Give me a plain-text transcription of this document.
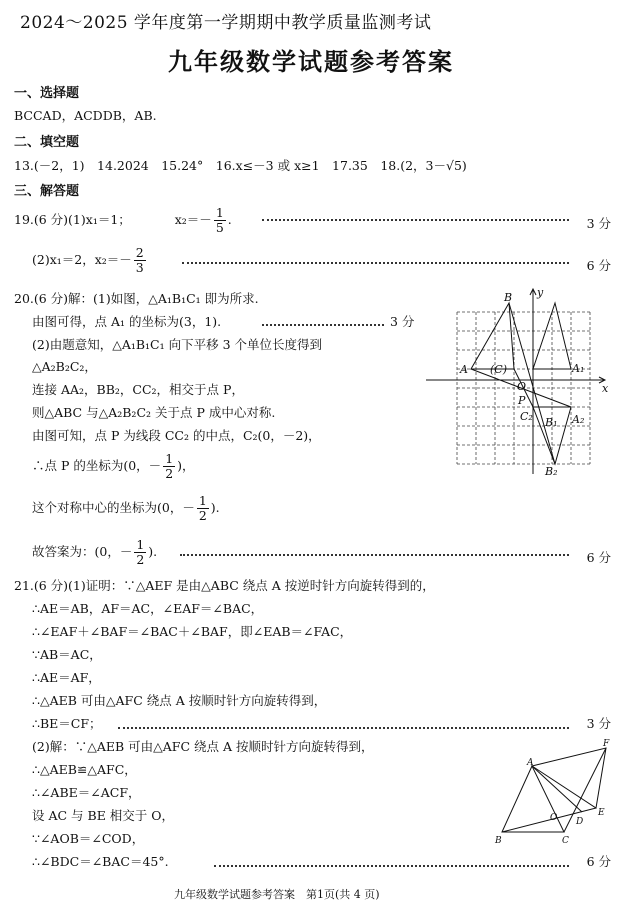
2024～2025 学年度第一学期期中教学质量监测考试
九年级数学试题参考答案
一、选择题
BCCAD，ACDDB，AB.
二、填空题
13.(－2，1)　14.2024　15.24°　16.x≤－3 或 x≥1　17.35　18.(2，3－√5)
三、解答题
19.(6 分)(1)x₁＝1；	$x_2=- \frac{1}{5}$ .	3 分
(2)x₁＝2，$x_2=- \frac{2}{3}$	6 分
20.(6 分)解：(1)如图，△A₁B₁C₁ 即为所求.
由图可得，点 A₁ 的坐标为(3，1).	3 分
(2)由题意知，△A₁B₁C₁ 向下平移 3 个单位长度得到
△A₂B₂C₂，
连接 AA₂，BB₂，CC₂，相交于点 P，
则△ABC 与△A₂B₂C₂ 关于点 P 成中心对称.
由图可知，点 P 为线段 CC₂ 的中点，C₂(0，－2)，
∴点 P 的坐标为(0，－ $\frac{1}{2}$ )，
这个对称中心的坐标为(0，－ $\frac{1}{2}$ ).
故答案为：(0，－ $\frac{1}{2}$ ).	6 分
B
A (C)
O
A₁
P
C₂ B₁ A₂
B₂
x
y
21.(6 分)(1)证明：∵△AEF 是由△ABC 绕点 A 按逆时针方向旋转得到的，
∴AE＝AB，AF＝AC，∠EAF＝∠BAC，
∴∠EAF＋∠BAF＝∠BAC＋∠BAF，即∠EAB＝∠FAC，
∵AB＝AC，
∴AE＝AF，
∴△AEB 可由△AFC 绕点 A 按顺时针方向旋转得到，
∴BE＝CF；	3 分
(2)解：∵△AEB 可由△AFC 绕点 A 按顺时针方向旋转得到，
∴△AEB≌△AFC，
∴∠ABE＝∠ACF，
设 AC 与 BE 相交于 O，
∵∠AOB＝∠COD，
∴∠BDC＝∠BAC＝45°.	6 分
A
B	C
D
E
F
O
九年级数学试题参考答案　第1页(共 4 页)
